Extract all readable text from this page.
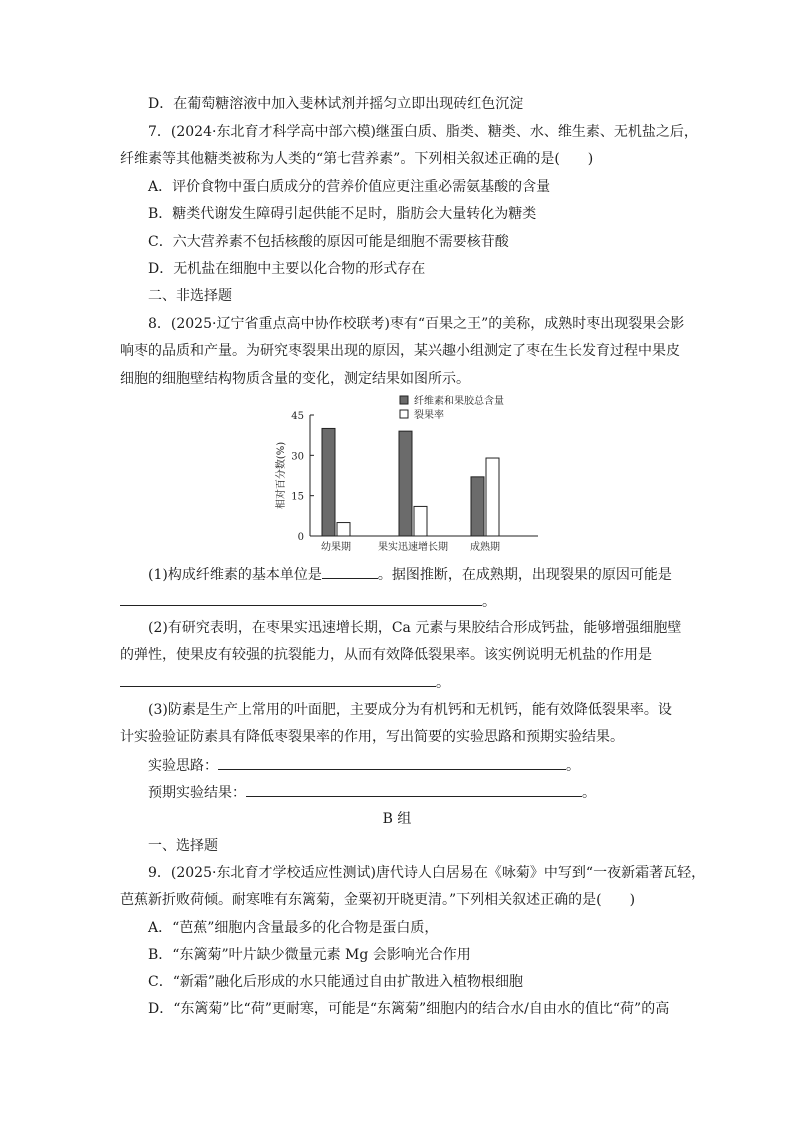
D．在葡萄糖溶液中加入斐林试剂并摇匀立即出现砖红色沉淀
7．(2024·东北育才科学高中部六模)继蛋白质、脂类、糖类、水、维生素、无机盐之后，
纤维素等其他糖类被称为人类的“第七营养素”。下列相关叙述正确的是(　　)
A．评价食物中蛋白质成分的营养价值应更注重必需氨基酸的含量
B．糖类代谢发生障碍引起供能不足时，脂肪会大量转化为糖类
C．六大营养素不包括核酸的原因可能是细胞不需要核苷酸
D．无机盐在细胞中主要以化合物的形式存在
二、非选择题
8．(2025·辽宁省重点高中协作校联考)枣有“百果之王”的美称，成熟时枣出现裂果会影
响枣的品质和产量。为研究枣裂果出现的原因，某兴趣小组测定了枣在生长发育过程中果皮
细胞的细胞壁结构物质含量的变化，测定结果如图所示。
0
15
30
45
相对百分数(%)
幼果期	果实迅速增长期 成熟期
纤维素和果胶总含量
裂果率
(1)构成纤维素的基本单位是	。据图推断，在成熟期，出现裂果的原因可能是
。
(2)有研究表明，在枣果实迅速增长期，Ca 元素与果胶结合形成钙盐，能够增强细胞壁
的弹性，使果皮有较强的抗裂能力，从而有效降低裂果率。该实例说明无机盐的作用是
。
(3)防素是生产上常用的叶面肥，主要成分为有机钙和无机钙，能有效降低裂果率。设
计实验验证防素具有降低枣裂果率的作用，写出简要的实验思路和预期实验结果。
实验思路：	。
预期实验结果：	。
B 组
一、选择题
9．(2025·东北育才学校适应性测试)唐代诗人白居易在《咏菊》中写到“一夜新霜著瓦轻，
芭蕉新折败荷倾。耐寒唯有东篱菊，金粟初开晓更清。”下列相关叙述正确的是(　　)
A．“芭蕉”细胞内含量最多的化合物是蛋白质，
B．“东篱菊”叶片缺少微量元素 Mg 会影响光合作用
C．“新霜”融化后形成的水只能通过自由扩散进入植物根细胞
D．“东篱菊”比“荷”更耐寒，可能是“东篱菊”细胞内的结合水/自由水的值比“荷”的高
